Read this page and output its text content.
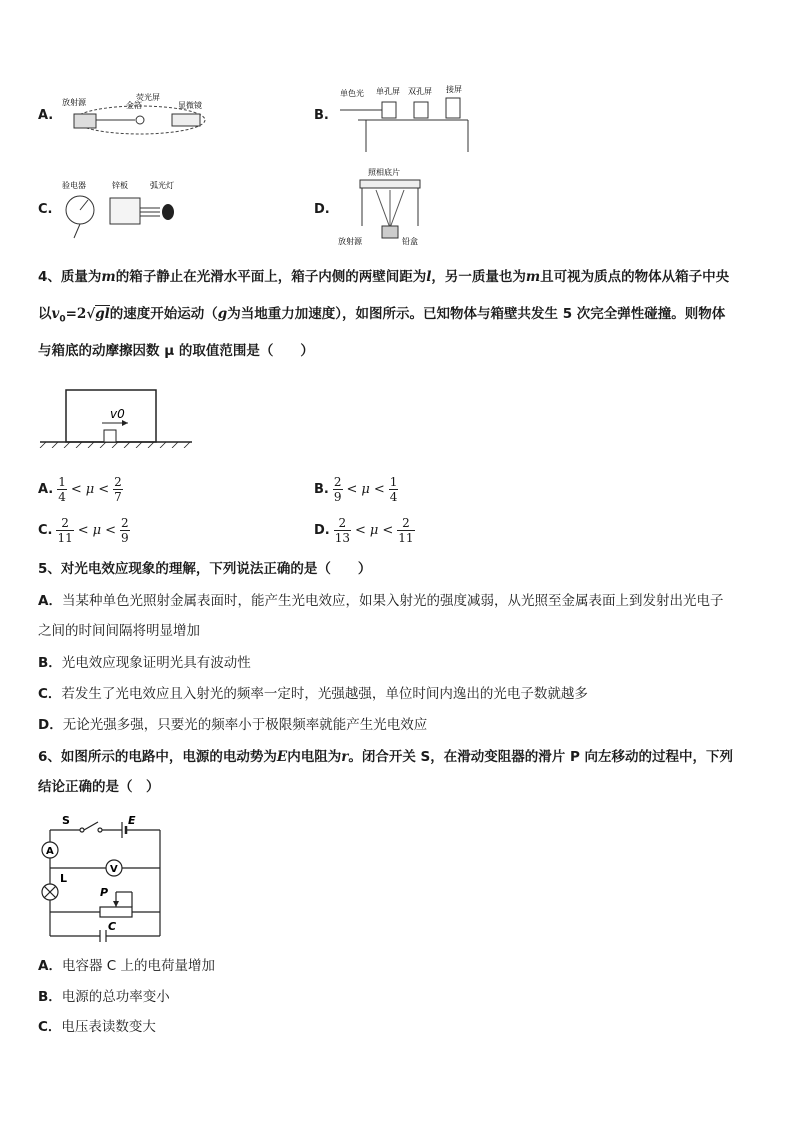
A.
荧光屏
放射源	金箔	显微镜
B.
单色光 单孔屏 双孔屏 接屏
C.
验电器	锌板	弧光灯
D.
照相底片
放射源	铅盒
4、质量为m的箱子静止在光滑水平面上，箱子内侧的两壁间距为l，另一质量也为m且可视为质点的物体从箱子中央
以$v_0=2√gl$的速度开始运动（g为当地重力加速度），如图所示。已知物体与箱壁共发生 5 次完全弹性碰撞。则物体
与箱底的动摩擦因数 μ 的取值范围是（　　）
v0
A. $\frac{1}{4} < \mu < \frac{2}{7}$	B. $\frac{2}{9} < \mu < \frac{1}{4}$
C. $\frac{2}{11} < \mu < \frac{2}{9}$	D. $\frac{2}{13} < \mu < \frac{2}{11}$
5、对光电效应现象的理解，下列说法正确的是（　　）
A．当某种单色光照射金属表面时，能产生光电效应，如果入射光的强度减弱，从光照至金属表面上到发射出光电子
之间的时间间隔将明显增加
B．光电效应现象证明光具有波动性
C．若发生了光电效应且入射光的频率一定时，光强越强，单位时间内逸出的光电子数就越多
D．无论光强多强，只要光的频率小于极限频率就能产生光电效应
6、如图所示的电路中，电源的电动势为E内电阻为r。闭合开关 S，在滑动变阻器的滑片 P 向左移动的过程中，下列
结论正确的是（　）
S	E
A
V
L
P
C
A．电容器 C 上的电荷量增加
B．电源的总功率变小
C．电压表读数变大
